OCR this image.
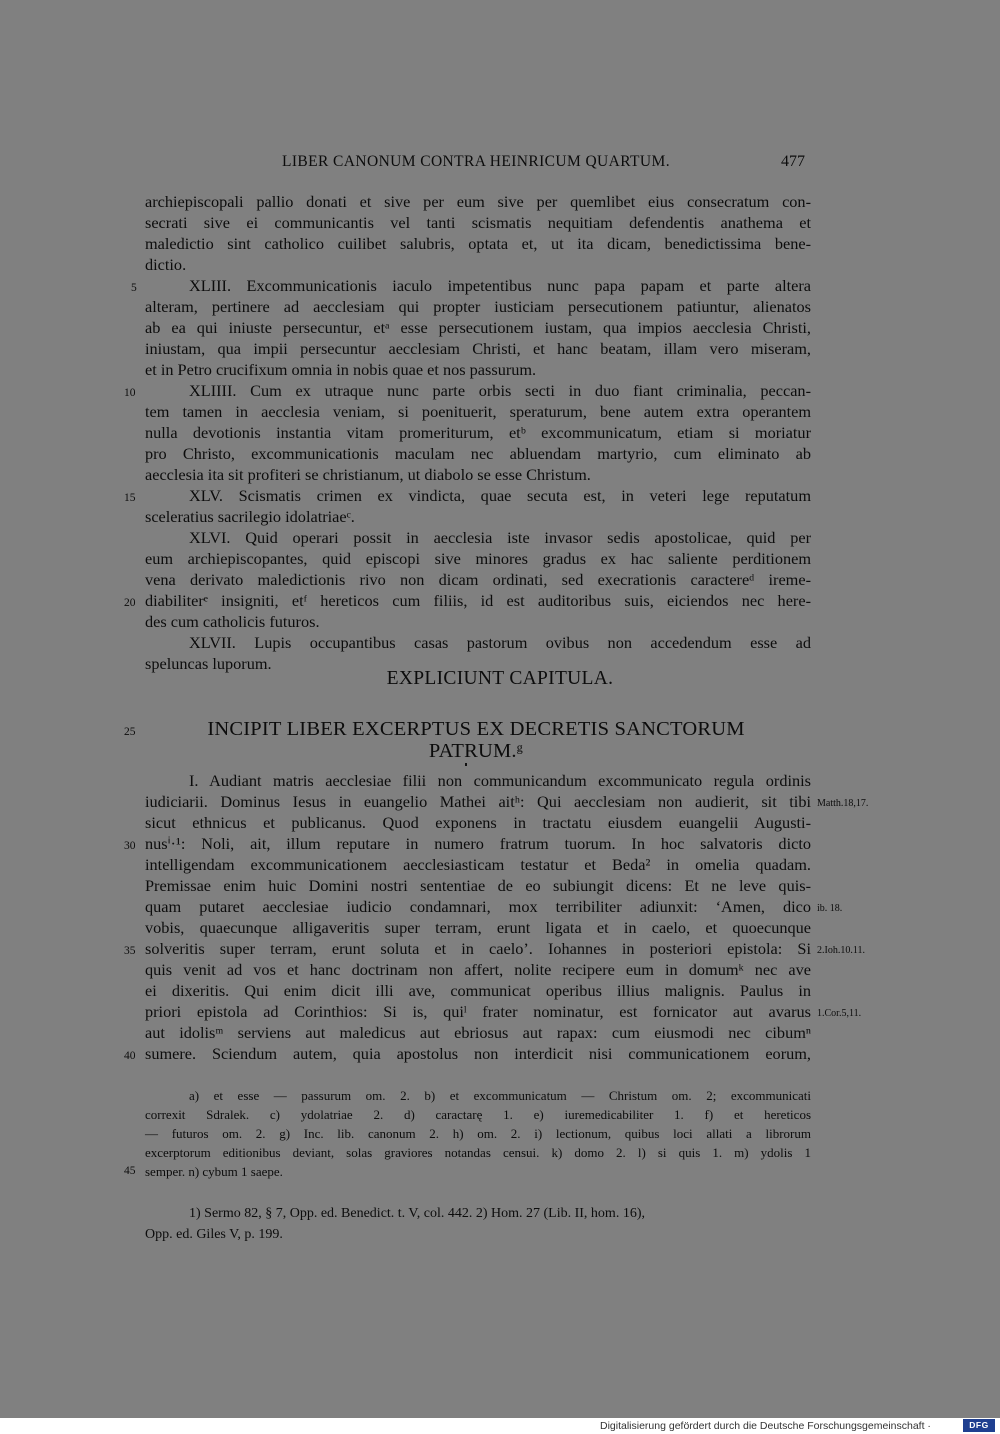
LIBER CANONUM CONTRA HEINRICUM QUARTUM.	477
archiepiscopali pallio donati et sive per eum sive per quemlibet eius consecratum con-
secrati sive ei communicantis vel tanti scismatis nequitiam defendentis anathema et
maledictio sint catholico cuilibet salubris, optata et, ut ita dicam, benedictissima bene-
dictio.
XLIII. Excommunicationis iaculo impetentibus nunc papa papam et parte altera
alteram, pertinere ad aecclesiam qui propter iusticiam persecutionem patiuntur, alienatos
ab ea qui iniuste persecuntur, etᵃ esse persecutionem iustam, qua impios aecclesia Christi,
iniustam, qua impii persecuntur aecclesiam Christi, et hanc beatam, illam vero miseram,
et in Petro crucifixum omnia in nobis quae et nos passurum.
XLIIII. Cum ex utraque nunc parte orbis secti in duo fiant criminalia, peccan-
tem tamen in aecclesia veniam, si poenituerit, speraturum, bene autem extra operantem
nulla devotionis instantia vitam promeriturum, etᵇ excommunicatum, etiam si moriatur
pro Christo, excommunicationis maculam nec abluendam martyrio, cum eliminato ab
aecclesia ita sit profiteri se christianum, ut diabolo se esse Christum.
XLV. Scismatis crimen ex vindicta, quae secuta est, in veteri lege reputatum
sceleratius sacrilegio idolatriaeᶜ.
XLVI. Quid operari possit in aecclesia iste invasor sedis apostolicae, quid per
eum archiepiscopantes, quid episcopi sive minores gradus ex hac saliente perditionem
vena derivato maledictionis rivo non dicam ordinati, sed execrationis caractereᵈ ireme-
diabiliterᵉ insigniti, etᶠ hereticos cum filiis, id est auditoribus suis, eiciendos nec here-
des cum catholicis futuros.
XLVII. Lupis occupantibus casas pastorum ovibus non accedendum esse ad
speluncas luporum.
EXPLICIUNT CAPITULA.
INCIPIT LIBER EXCERPTUS EX DECRETIS SANCTORUM
PATRUM.ᵍ
I. Audiant matris aecclesiae filii non communicandum excommunicato regula ordinis
iudiciarii. Dominus Iesus in euangelio Mathei aitʰ: Qui aecclesiam non audierit, sit tibi
sicut ethnicus et publicanus. Quod exponens in tractatu eiusdem euangelii Augusti-
nusⁱ·¹: Noli, ait, illum reputare in numero fratrum tuorum. In hoc salvatoris dicto
intelligendam excommunicationem aecclesiasticam testatur et Beda² in omelia quadam.
Premissae enim huic Domini nostri sententiae de eo subiungit dicens: Et ne leve quis-
quam putaret aecclesiae iudicio condamnari, mox terribiliter adiunxit: ‘Amen, dico
vobis, quaecunque alligaveritis super terram, erunt ligata et in caelo, et quoecunque
solveritis super terram, erunt soluta et in caelo’. Iohannes in posteriori epistola: Si
quis venit ad vos et hanc doctrinam non affert, nolite recipere eum in domumᵏ nec ave
ei dixeritis. Qui enim dicit illi ave, communicat operibus illius malignis. Paulus in
priori epistola ad Corinthios: Si is, quiˡ frater nominatur, est fornicator aut avarus
aut idolisᵐ serviens aut maledicus aut ebriosus aut rapax: cum eiusmodi nec cibumⁿ
sumere. Sciendum autem, quia apostolus non interdicit nisi communicationem eorum,
5
10
15
20
25
30
35
40
45
Matth.18,17.
ib. 18.
2.Ioh.10.11.
1.Cor.5,11.
a) et esse — passurum om. 2. b) et excommunicatum — Christum om. 2; excommunicati
correxit Sdralek. c) ydolatriae 2. d) caractarę 1. e) iuremedicabiliter 1. f) et hereticos
— futuros om. 2. g) Inc. lib. canonum 2. h) om. 2. i) lectionum, quibus loci allati a librorum
excerptorum editionibus deviant, solas graviores notandas censui. k) domo 2. l) si quis 1. m) ydolis 1
semper. n) cybum 1 saepe.
1) Sermo 82, § 7, Opp. ed. Benedict. t. V, col. 442. 2) Hom. 27 (Lib. II, hom. 16),
Opp. ed. Giles V, p. 199.
Digitalisierung gefördert durch die Deutsche Forschungsgemeinschaft ·	DFG
